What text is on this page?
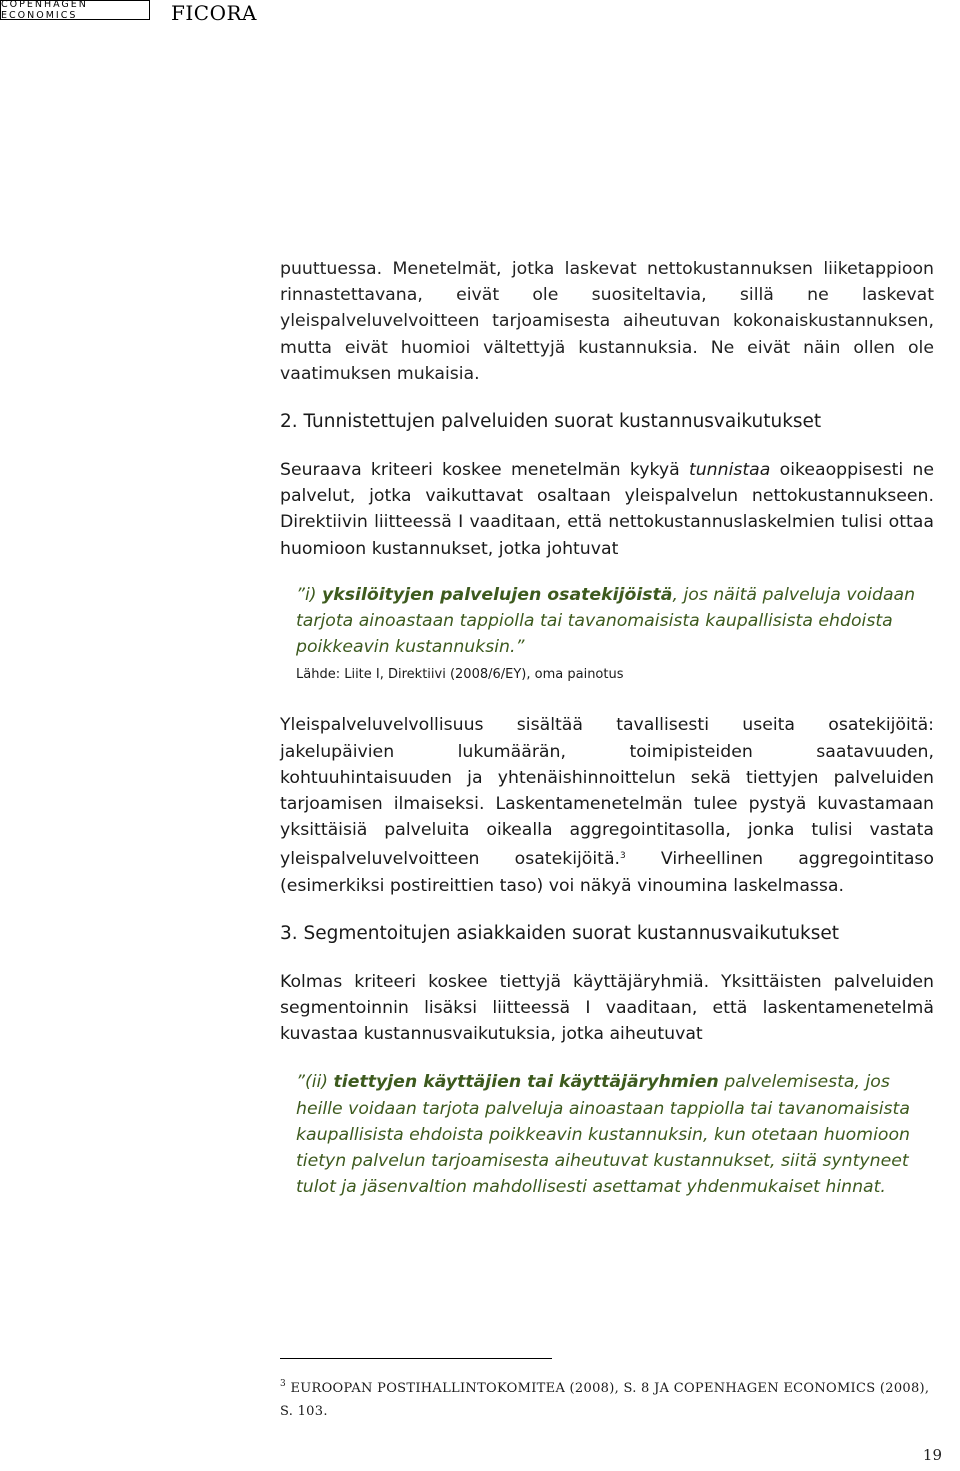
COPENHAGEN ECONOMICS	FICORA

puuttuessa. Menetelmät, jotka laskevat nettokustannuksen liiketappioon rinnastettavana, eivät ole suositeltavia, sillä ne laskevat yleispalveluvelvoitteen tarjoamisesta aiheutuvan kokonaiskustannuksen, mutta eivät huomioi vältettyjä kustannuksia. Ne eivät näin ollen ole vaatimuksen mukaisia.

2. Tunnistettujen palveluiden suorat kustannusvaikutukset

Seuraava kriteeri koskee menetelmän kykyä tunnistaa oikeaoppisesti ne palvelut, jotka vaikuttavat osaltaan yleispalvelun nettokustannukseen. Direktiivin liitteessä I vaaditaan, että nettokustannuslaskelmien tulisi ottaa huomioon kustannukset, jotka johtuvat

”i) yksilöityjen palvelujen osatekijöistä, jos näitä palveluja voidaan tarjota ainoastaan tappiolla tai tavanomaisista kaupallisista ehdoista poikkeavin kustannuksin.”

Lähde: Liite I, Direktiivi (2008/6/EY), oma painotus

Yleispalveluvelvollisuus sisältää tavallisesti useita osatekijöitä: jakelupäivien lukumäärän, toimipisteiden saatavuuden, kohtuuhintaisuuden ja yhtenäishinnoittelun sekä tiettyjen palveluiden tarjoamisen ilmaiseksi. Laskentamenetelmän tulee pystyä kuvastamaan yksittäisiä palveluita oikealla aggregointitasolla, jonka tulisi vastata yleispalveluvelvoitteen osatekijöitä.$^3$ Virheellinen aggregointitaso (esimerkiksi postireittien taso) voi näkyä vinoumina laskelmassa.

3. Segmentoitujen asiakkaiden suorat kustannusvaikutukset

Kolmas kriteeri koskee tiettyjä käyttäjäryhmiä. Yksittäisten palveluiden segmentoinnin lisäksi liitteessä I vaaditaan, että laskentamenetelmä kuvastaa kustannusvaikutuksia, jotka aiheutuvat

”(ii) tiettyjen käyttäjien tai käyttäjäryhmien palvelemisesta, jos heille voidaan tarjota palveluja ainoastaan tappiolla tai tavanomaisista kaupallisista ehdoista poikkeavin kustannuksin, kun otetaan huomioon tietyn palvelun tarjoamisesta aiheutuvat kustannukset, siitä syntyneet tulot ja jäsenvaltion mahdollisesti asettamat yhdenmukaiset hinnat.

$^3$ EUROOPAN POSTIHALLINTOKOMITEA (2008), S. 8 JA COPENHAGEN ECONOMICS (2008), S. 103.
19
